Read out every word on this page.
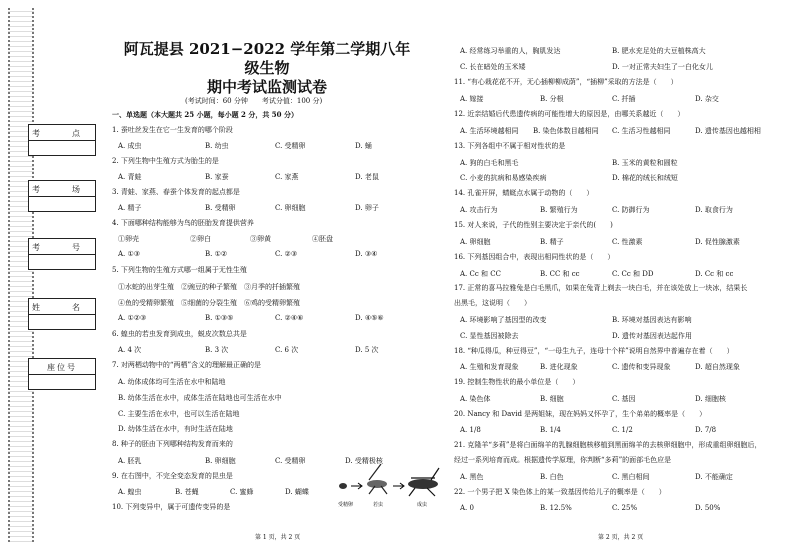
考　点
考　场
考　号
姓　名
座位号
阿瓦提县 2021−2022 学年第二学期八年级生物
期中考试监测试卷
(考试时间：60 分钟　　考试分值：100 分)
一、单选题（本大题共 25 小题，每小题 2 分，共 50 分）
1. 蚕吐丝发生在它一生发育的哪个阶段
A. 成虫	B. 幼虫	C. 受精卵	D. 蛹
2. 下列生物中生殖方式为胎生的是
A. 青蛙	B. 家蚕	C. 家燕	D. 老鼠
3. 青蛙、家燕、春蚕个体发育的起点都是
A. 精子	B. 受精卵	C. 卵细胞	D. 卵子
4. 下面哪种结构能够为鸟的胚胎发育提供营养
①卵壳	②卵白	③卵黄	④胚盘
A. ①③	B. ①②	C. ②③	D. ③④
5. 下列生物的生殖方式哪一组属于无性生殖
①水蛇的出芽生殖　②豌豆的种子繁殖　③月季的扦插繁殖
④鱼的受精卵繁殖　⑤细菌的分裂生殖　⑥鸡的受精卵繁殖
A. ①②③	B. ①③⑤	C. ②④⑥	D. ④⑤⑥
6. 蝗虫的若虫发育到成虫，蜕皮次数总共是
A. 4 次	B. 3 次	C. 6 次	D. 5 次
7. 对两栖动物中的“两栖”含义的理解最正确的是
A. 幼体成体均可生活在水中和陆地
B. 幼体生活在水中，成体生活在陆地也可生活在水中
C. 主要生活在水中，也可以生活在陆地
D. 幼体生活在水中，有时生活在陆地
8. 种子的胚由下列哪种结构发育而来的
A. 胚乳	B. 卵细胞	C. 受精卵	D. 受精极核
9. 在右图中，不完全变态发育的昆虫是
A. 蝗虫	B. 苍蝇	C. 蜜蜂	D. 蝴蝶
10. 下列变异中，属于可遗传变异的是	受精卵	若虫	成虫
第 1 页，共 2 页
A. 经常练习举重的人，胸肌发达	B. 肥水充足处的大豆植株高大
C. 长在暗处的玉米矮	D. 一对正常夫妇生了一白化女儿
11. “有心栽花花不开，无心插柳柳成荫”，“插柳”采取的方法是（　　）
A. 嫁接	B. 分根	C. 扦插	D. 杂交
12. 近亲结婚后代患遗传病的可能性增大的原因是，由哪关系越近（　　）
A. 生活环境越相同 B. 染色体数目越相同 C. 生活习性越相同	D. 遗传基因也越相相
13. 下列各组中不属于相对性状的是
A. 狗的白毛和黑毛	B. 玉米的黄粒和圆粒
C. 小麦的抗病和易感染疾病	D. 棉花的绒长和绒短
14. 孔雀开屏，蜻蜓点水属于动物的（　　）
A. 攻击行为	B. 繁殖行为	C. 防御行为	D. 取食行为
15. 对人来说，子代的性别主要决定于亲代的(　　)
A. 卵细胞	B. 精子	C. 性激素	D. 促性腺激素
16. 下列基因组合中，表现出相同性状的是（　　）
A. Cc 和 CC	B. CC 和 cc	C. Cc 和 DD	D. Cc 和 cc
17. 正常的喜马拉雅兔是白毛黑爪，如果在兔背上剃去一块白毛，并在该处放上一块冰，结果长
出黑毛，这说明（　　）
A. 环境影响了基因型的改变	B. 环境对基因表达有影响
C. 显性基因被除去	D. 遗传对基因表达起作用
18. “种瓜得瓜，种豆得豆”，“一母生九子，连母十个样”说明自然界中普遍存在着（　　）
A. 生殖和发育现象	B. 进化现象	C. 遗传和变异现象	D. 超自然现象
19. 控制生物性状的最小单位是（　　）
A. 染色体	B. 细胞	C. 基因	D. 细胞核
20. Nancy 和 David 是两姐妹，现在妈妈又怀孕了，生个弟弟的概率是（　　）
A. 1/8	B. 1/4	C. 1/2	D. 7/8
21. 克隆羊“多莉”是将白面绵羊的乳腺细胞核移植到黑面绵羊的去核卵细胞中，形成重组卵细胞后，
经过一系列培育而成。根据遗传学原理，你判断“多莉”的面部毛色应是
A. 黑色	B. 白色	C. 黑白相间	D. 不能确定
22. 一个男子把 X 染色体上的某一致基因传给儿子的概率是（　　）
A. 0	B. 12.5%	C. 25%	D. 50%
第 2 页，共 2 页
